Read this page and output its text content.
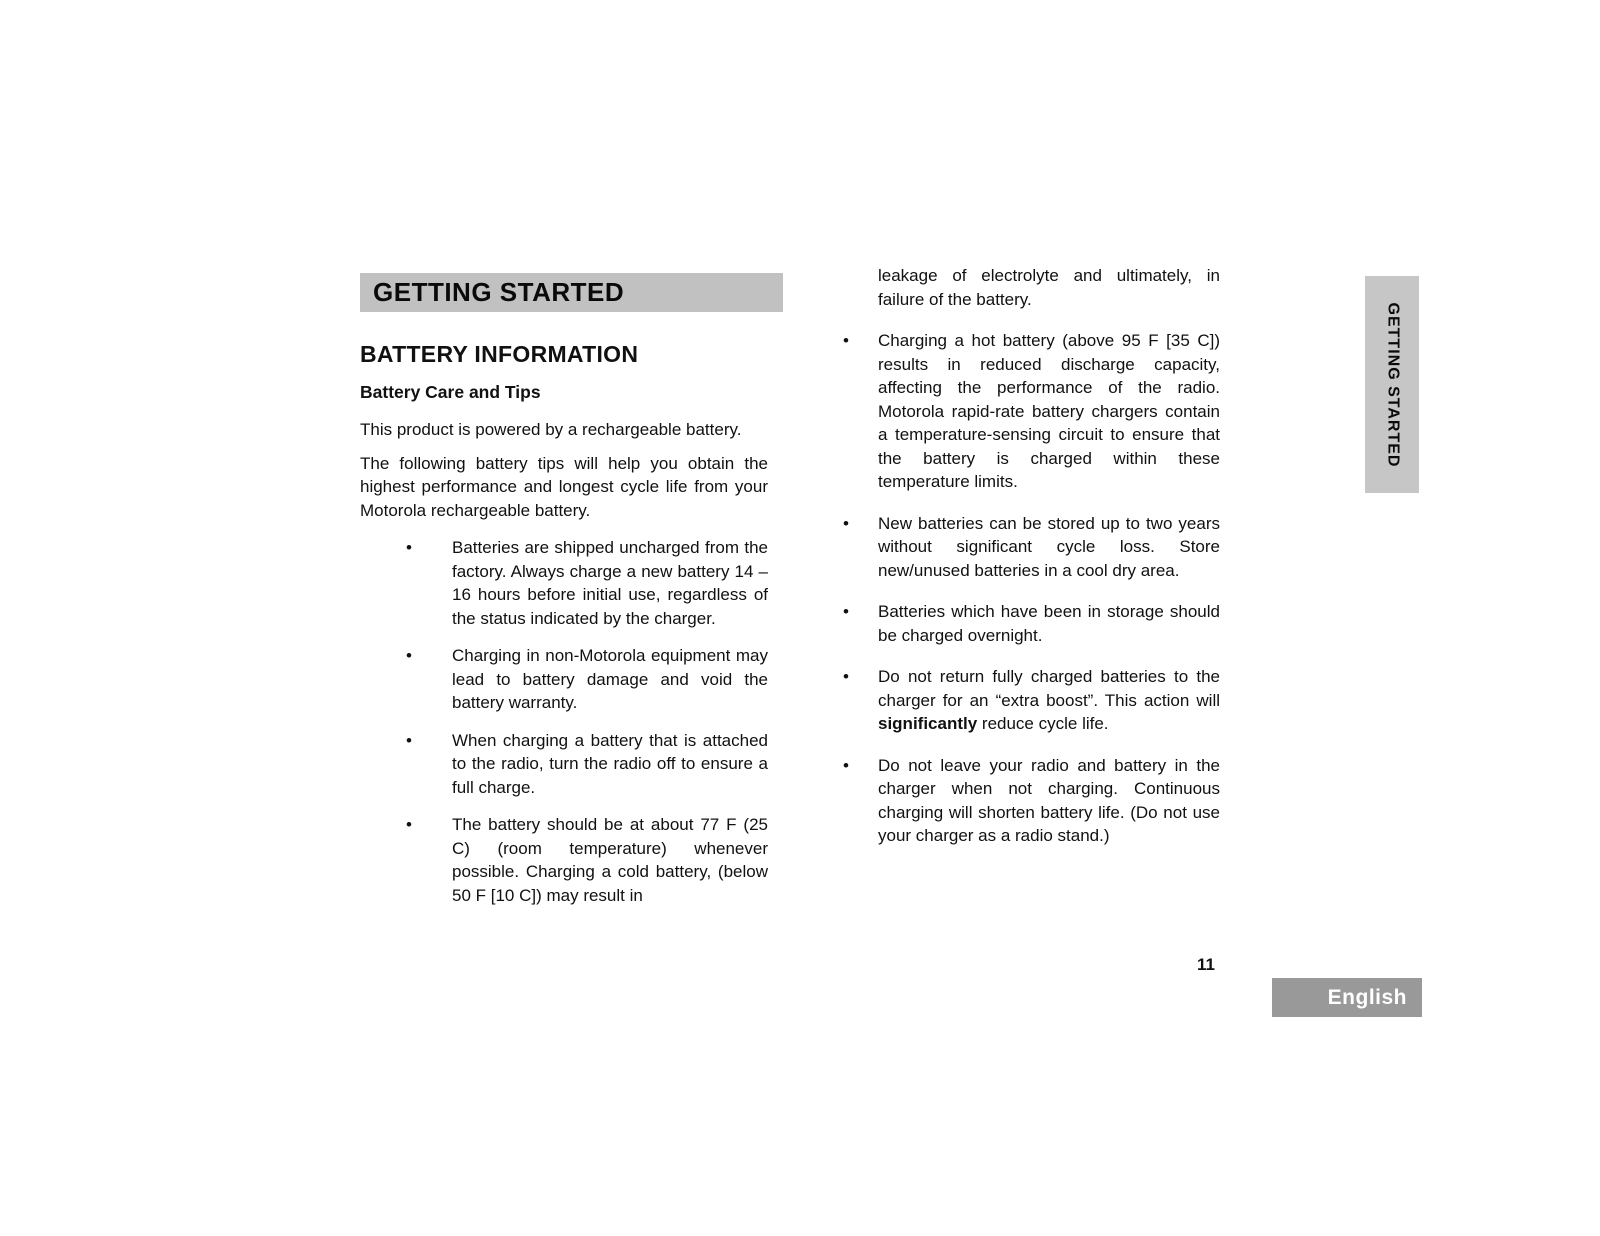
GETTING STARTED
BATTERY INFORMATION
Battery Care and Tips

This product is powered by a rechargeable battery.

The following battery tips will help you obtain the highest performance and longest cycle life from your Motorola rechargeable battery.

•	Batteries are shipped uncharged from the factory. Always charge a new battery 14 – 16 hours before initial use, regardless of the status indicated by the charger.
•	Charging in non-Motorola equipment may lead to battery damage and void the battery warranty.
•	When charging a battery that is attached to the radio, turn the radio off to ensure a full charge.
•	The battery should be at about 77 F (25 C) (room temperature) whenever possible. Charging a cold battery, (below 50 F [10 C]) may result in

leakage of electrolyte and ultimately, in failure of the battery.

•	Charging a hot battery (above 95 F [35 C]) results in reduced discharge capacity, affecting the performance of the radio. Motorola rapid-rate battery chargers contain a temperature-sensing circuit to ensure that the battery is charged within these temperature limits.
•	New batteries can be stored up to two years without significant cycle loss. Store new/unused batteries in a cool dry area.
•	Batteries which have been in storage should be charged overnight.
•	Do not return fully charged batteries to the charger for an “extra boost”. This action will significantly reduce cycle life.
•	Do not leave your radio and battery in the charger when not charging. Continuous charging will shorten battery life. (Do not use your charger as a radio stand.)
GETTING STARTED
11
English
